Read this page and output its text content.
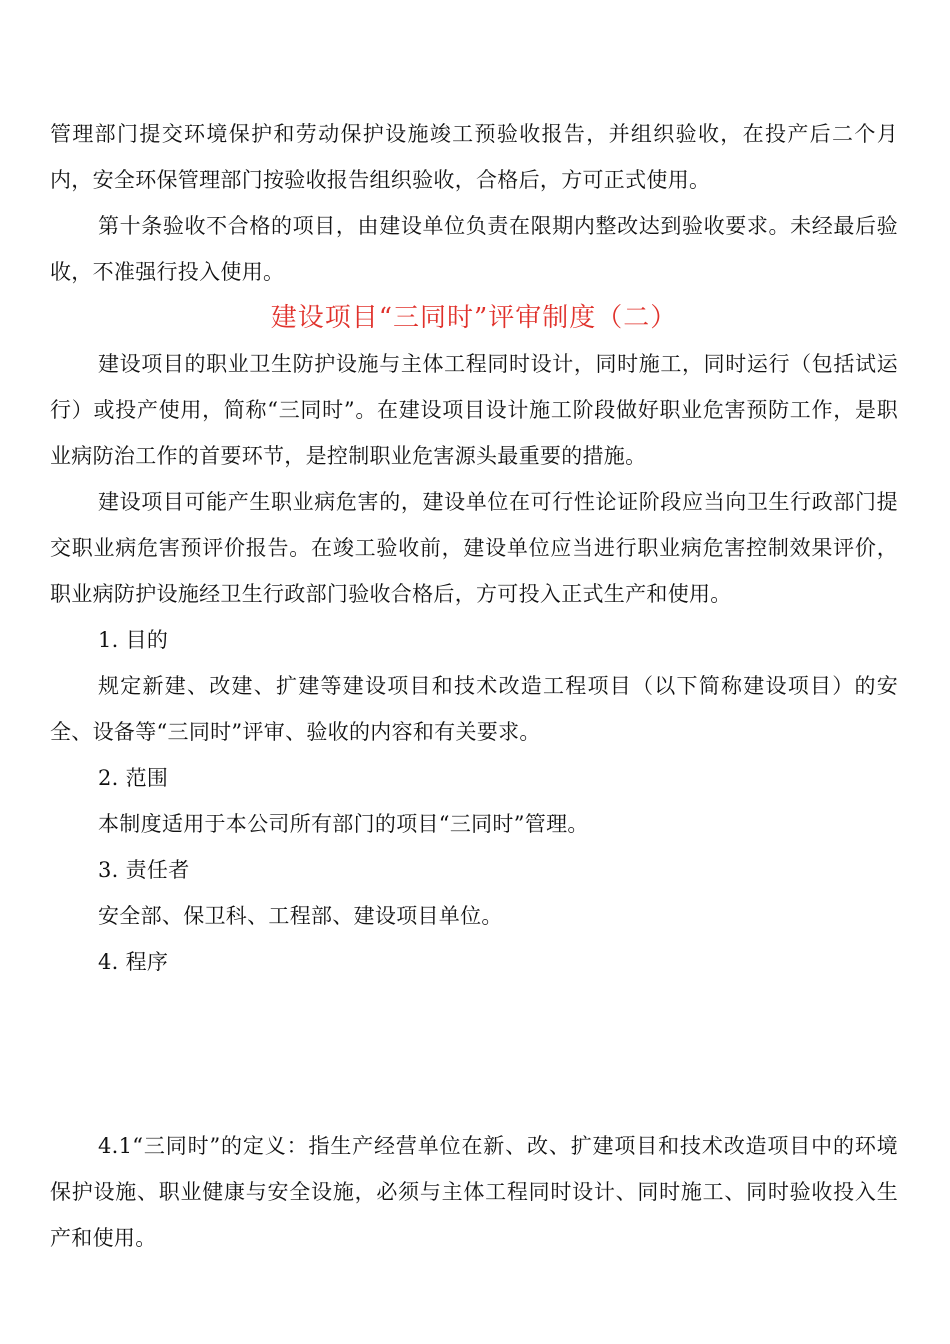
管理部门提交环境保护和劳动保护设施竣工预验收报告，并组织验收，在投产后二个月内，安全环保管理部门按验收报告组织验收，合格后，方可正式使用。

第十条验收不合格的项目，由建设单位负责在限期内整改达到验收要求。未经最后验收，不准强行投入使用。

建设项目“三同时”评审制度（二）

建设项目的职业卫生防护设施与主体工程同时设计，同时施工，同时运行（包括试运行）或投产使用，简称“三同时”。在建设项目设计施工阶段做好职业危害预防工作，是职业病防治工作的首要环节，是控制职业危害源头最重要的措施。

建设项目可能产生职业病危害的，建设单位在可行性论证阶段应当向卫生行政部门提交职业病危害预评价报告。在竣工验收前，建设单位应当进行职业病危害控制效果评价，职业病防护设施经卫生行政部门验收合格后，方可投入正式生产和使用。

1. 目的

规定新建、改建、扩建等建设项目和技术改造工程项目（以下简称建设项目）的安全、设备等“三同时”评审、验收的内容和有关要求。

2. 范围

本制度适用于本公司所有部门的项目“三同时”管理。

3. 责任者

安全部、保卫科、工程部、建设项目单位。

4. 程序

4.1“三同时”的定义：指生产经营单位在新、改、扩建项目和技术改造项目中的环境保护设施、职业健康与安全设施，必须与主体工程同时设计、同时施工、同时验收投入生产和使用。
